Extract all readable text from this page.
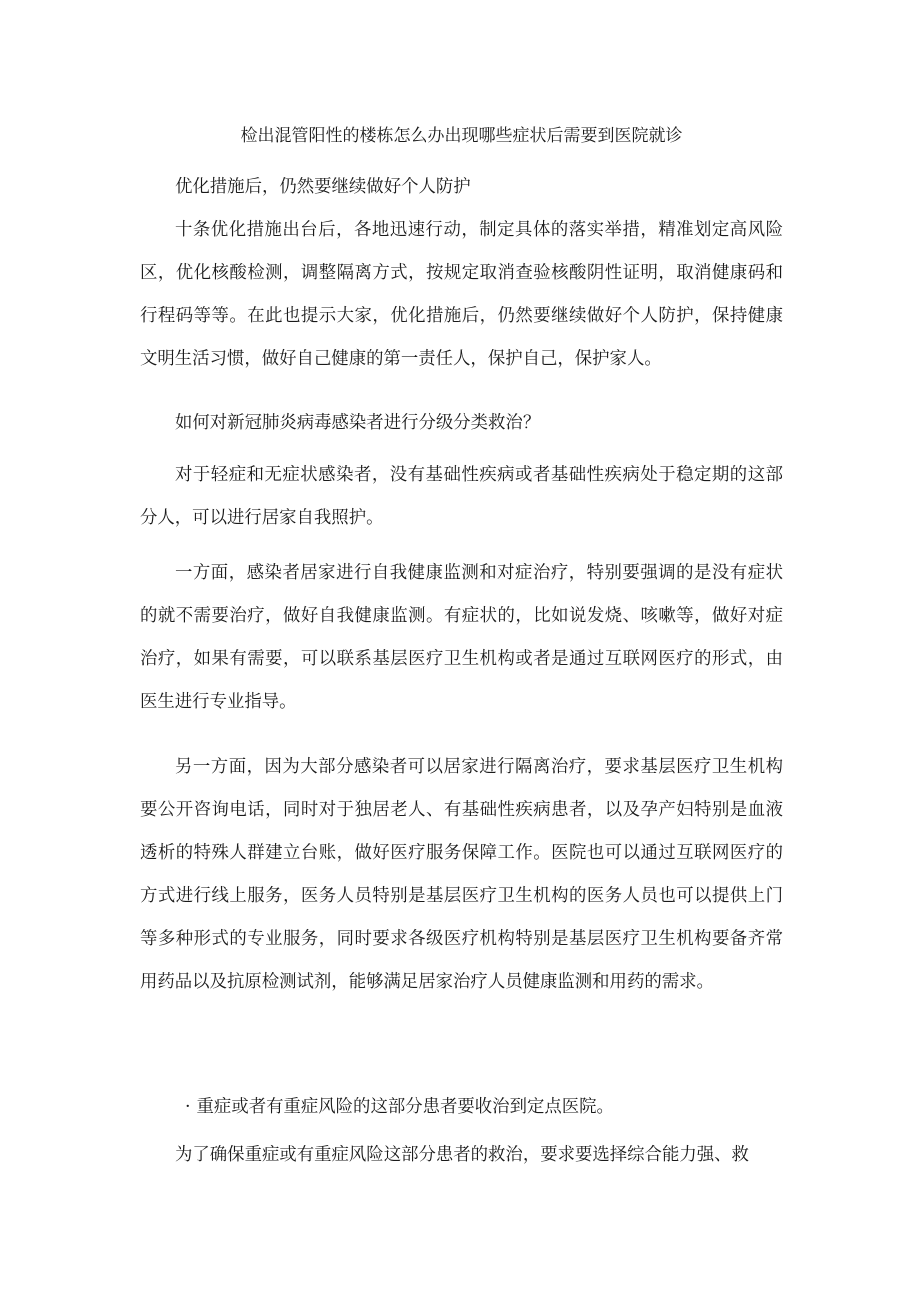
检出混管阳性的楼栋怎么办出现哪些症状后需要到医院就诊

优化措施后，仍然要继续做好个人防护

十条优化措施出台后，各地迅速行动，制定具体的落实举措，精准划定高风险区，优化核酸检测，调整隔离方式，按规定取消查验核酸阴性证明，取消健康码和行程码等等。在此也提示大家，优化措施后，仍然要继续做好个人防护，保持健康文明生活习惯，做好自己健康的第一责任人，保护自己，保护家人。

如何对新冠肺炎病毒感染者进行分级分类救治？

对于轻症和无症状感染者，没有基础性疾病或者基础性疾病处于稳定期的这部分人，可以进行居家自我照护。

一方面，感染者居家进行自我健康监测和对症治疗，特别要强调的是没有症状的就不需要治疗，做好自我健康监测。有症状的，比如说发烧、咳嗽等，做好对症治疗，如果有需要，可以联系基层医疗卫生机构或者是通过互联网医疗的形式，由医生进行专业指导。

另一方面，因为大部分感染者可以居家进行隔离治疗，要求基层医疗卫生机构要公开咨询电话，同时对于独居老人、有基础性疾病患者，以及孕产妇特别是血液透析的特殊人群建立台账，做好医疗服务保障工作。医院也可以通过互联网医疗的方式进行线上服务，医务人员特别是基层医疗卫生机构的医务人员也可以提供上门等多种形式的专业服务，同时要求各级医疗机构特别是基层医疗卫生机构要备齐常用药品以及抗原检测试剂，能够满足居家治疗人员健康监测和用药的需求。

· 重症或者有重症风险的这部分患者要收治到定点医院。

为了确保重症或有重症风险这部分患者的救治，要求要选择综合能力强、救
